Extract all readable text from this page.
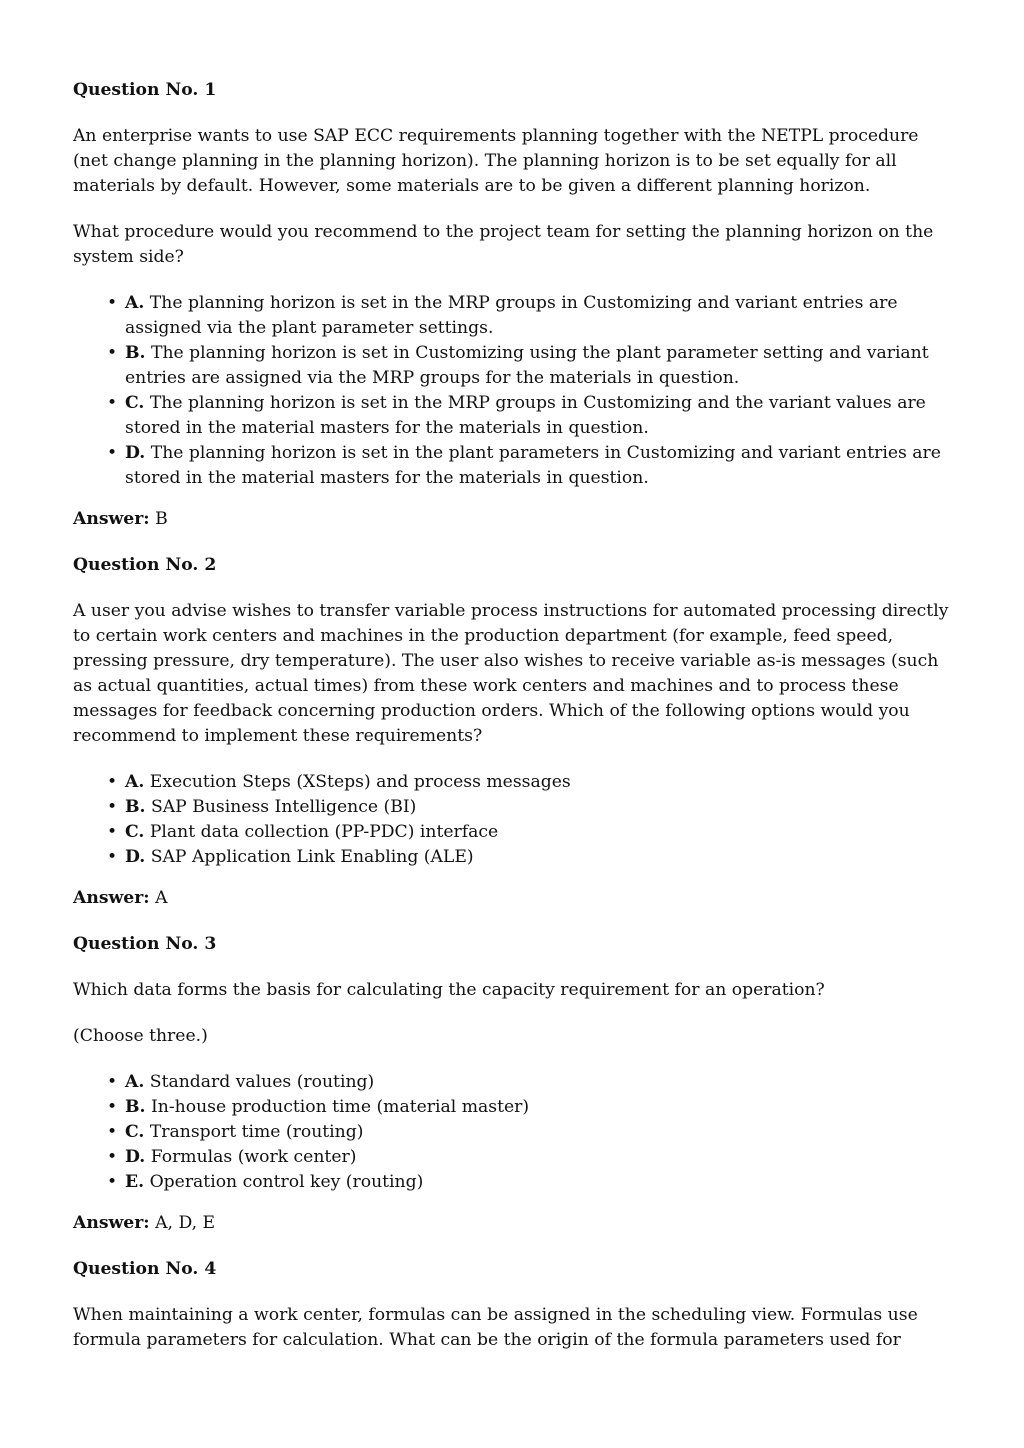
Question No. 1

An enterprise wants to use SAP ECC requirements planning together with the NETPL procedure (net change planning in the planning horizon). The planning horizon is to be set equally for all materials by default. However, some materials are to be given a different planning horizon.

What procedure would you recommend to the project team for setting the planning horizon on the system side?

• A. The planning horizon is set in the MRP groups in Customizing and variant entries are assigned via the plant parameter settings.
• B. The planning horizon is set in Customizing using the plant parameter setting and variant entries are assigned via the MRP groups for the materials in question.
• C. The planning horizon is set in the MRP groups in Customizing and the variant values are stored in the material masters for the materials in question.
• D. The planning horizon is set in the plant parameters in Customizing and variant entries are stored in the material masters for the materials in question.

Answer: B

Question No. 2

A user you advise wishes to transfer variable process instructions for automated processing directly to certain work centers and machines in the production department (for example, feed speed, pressing pressure, dry temperature). The user also wishes to receive variable as-is messages (such as actual quantities, actual times) from these work centers and machines and to process these messages for feedback concerning production orders. Which of the following options would you recommend to implement these requirements?

• A. Execution Steps (XSteps) and process messages
• B. SAP Business Intelligence (BI)
• C. Plant data collection (PP-PDC) interface
• D. SAP Application Link Enabling (ALE)

Answer: A

Question No. 3

Which data forms the basis for calculating the capacity requirement for an operation?

(Choose three.)

• A. Standard values (routing)
• B. In-house production time (material master)
• C. Transport time (routing)
• D. Formulas (work center)
• E. Operation control key (routing)

Answer: A, D, E

Question No. 4

When maintaining a work center, formulas can be assigned in the scheduling view. Formulas use formula parameters for calculation. What can be the origin of the formula parameters used for
